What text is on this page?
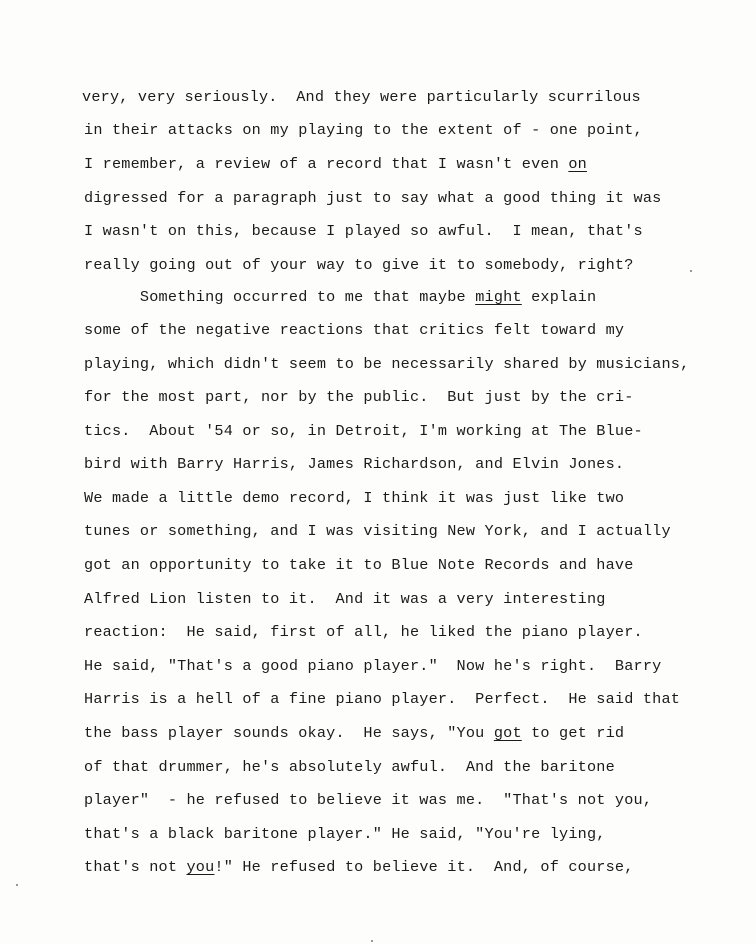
very, very seriously.  And they were particularly scurrilous
in their attacks on my playing to the extent of - one point,
I remember, a review of a record that I wasn't even on
digressed for a paragraph just to say what a good thing it was
I wasn't on this, because I played so awful.  I mean, that's
really going out of your way to give it to somebody, right?
Something occurred to me that maybe might explain
some of the negative reactions that critics felt toward my
playing, which didn't seem to be necessarily shared by musicians,
for the most part, nor by the public.  But just by the cri-
tics.  About '54 or so, in Detroit, I'm working at The Blue-
bird with Barry Harris, James Richardson, and Elvin Jones.
We made a little demo record, I think it was just like two
tunes or something, and I was visiting New York, and I actually
got an opportunity to take it to Blue Note Records and have
Alfred Lion listen to it.  And it was a very interesting
reaction:  He said, first of all, he liked the piano player.
He said, "That's a good piano player."  Now he's right.  Barry
Harris is a hell of a fine piano player.  Perfect.  He said that
the bass player sounds okay.  He says, "You got to get rid
of that drummer, he's absolutely awful.  And the baritone
player"  - he refused to believe it was me.  "That's not you,
that's a black baritone player." He said, "You're lying,
that's not you!" He refused to believe it.  And, of course,
